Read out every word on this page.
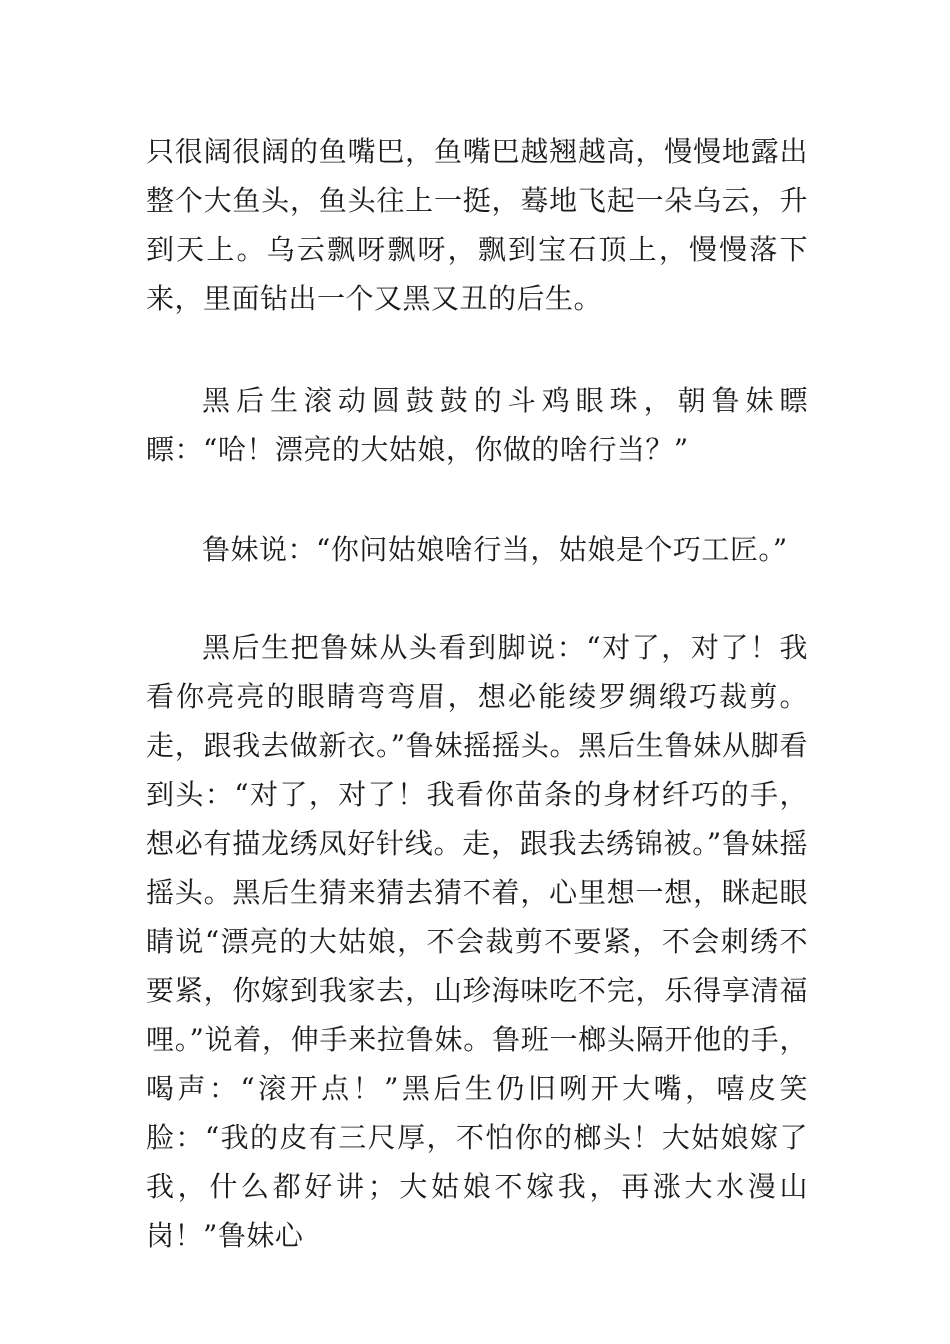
只很阔很阔的鱼嘴巴，鱼嘴巴越翘越高，慢慢地露出整个大鱼头，鱼头往上一挺，蓦地飞起一朵乌云，升到天上。乌云飘呀飘呀，飘到宝石顶上，慢慢落下来，里面钻出一个又黑又丑的后生。

黑后生滚动圆鼓鼓的斗鸡眼珠，朝鲁妹瞟瞟：“哈！漂亮的大姑娘，你做的啥行当？”

鲁妹说：“你问姑娘啥行当，姑娘是个巧工匠。”

黑后生把鲁妹从头看到脚说：“对了，对了！我看你亮亮的眼睛弯弯眉，想必能绫罗绸缎巧裁剪。走，跟我去做新衣。”鲁妹摇摇头。黑后生鲁妹从脚看到头：“对了，对了！我看你苗条的身材纤巧的手，想必有描龙绣凤好针线。走，跟我去绣锦被。”鲁妹摇摇头。黑后生猜来猜去猜不着，心里想一想，眯起眼睛说“漂亮的大姑娘，不会裁剪不要紧，不会刺绣不要紧，你嫁到我家去，山珍海味吃不完，乐得享清福哩。”说着，伸手来拉鲁妹。鲁班一榔头隔开他的手，喝声：“滚开点！”黑后生仍旧咧开大嘴，嘻皮笑脸：“我的皮有三尺厚，不怕你的榔头！大姑娘嫁了我，什么都好讲；大姑娘不嫁我，再涨大水漫山岗！”鲁妹心
